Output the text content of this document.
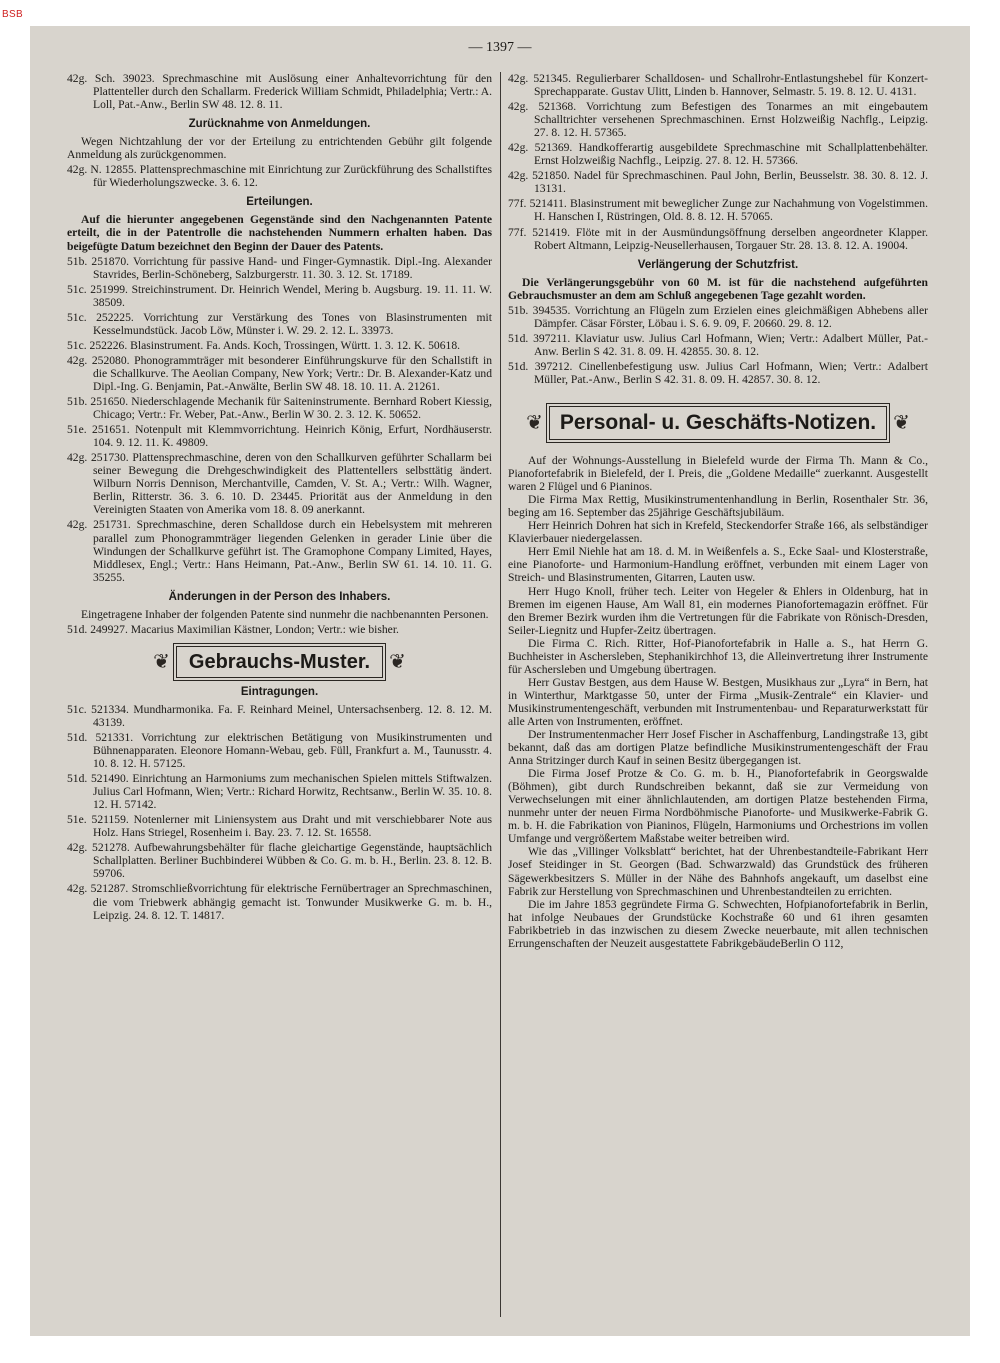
BSB
— 1397 —
42g. Sch. 39023. Sprechmaschine mit Auslösung einer Anhaltevorrichtung für den Plattenteller durch den Schallarm. Frederick William Schmidt, Philadelphia; Vertr.: A. Loll, Pat.-Anw., Berlin SW 48. 12. 8. 11.
Zurücknahme von Anmeldungen.
Wegen Nichtzahlung der vor der Erteilung zu entrichtenden Gebühr gilt folgende Anmeldung als zurückgenommen.
42g. N. 12855. Plattensprechmaschine mit Einrichtung zur Zurückführung des Schallstiftes für Wiederholungszwecke. 3. 6. 12.
Erteilungen.
Auf die hierunter angegebenen Gegenstände sind den Nachgenannten Patente erteilt, die in der Patentrolle die nachstehenden Nummern erhalten haben. Das beigefügte Datum bezeichnet den Beginn der Dauer des Patents.
51b. 251870. Vorrichtung für passive Hand- und Finger-Gymnastik. Dipl.-Ing. Alexander Stavrides, Berlin-Schöneberg, Salzburgerstr. 11. 30. 3. 12. St. 17189.
51c. 251999. Streichinstrument. Dr. Heinrich Wendel, Mering b. Augsburg. 19. 11. 11. W. 38509.
51c. 252225. Vorrichtung zur Verstärkung des Tones von Blasinstrumenten mit Kesselmundstück. Jacob Löw, Münster i. W. 29. 2. 12. L. 33973.
51c. 252226. Blasinstrument. Fa. Ands. Koch, Trossingen, Württ. 1. 3. 12. K. 50618.
42g. 252080. Phonogrammträger mit besonderer Einführungskurve für den Schallstift in die Schallkurve. The Aeolian Company, New York; Vertr.: Dr. B. Alexander-Katz und Dipl.-Ing. G. Benjamin, Pat.-Anwälte, Berlin SW 48. 18. 10. 11. A. 21261.
51b. 251650. Niederschlagende Mechanik für Saiteninstrumente. Bernhard Robert Kiessig, Chicago; Vertr.: Fr. Weber, Pat.-Anw., Berlin W 30. 2. 3. 12. K. 50652.
51e. 251651. Notenpult mit Klemmvorrichtung. Heinrich König, Erfurt, Nordhäuserstr. 104. 9. 12. 11. K. 49809.
42g. 251730. Plattensprechmaschine, deren von den Schallkurven geführter Schallarm bei seiner Bewegung die Drehgeschwindigkeit des Plattentellers selbsttätig ändert. Wilburn Norris Dennison, Merchantville, Camden, V. St. A.; Vertr.: Wilh. Wagner, Berlin, Ritterstr. 36. 3. 6. 10. D. 23445. Priorität aus der Anmeldung in den Vereinigten Staaten von Amerika vom 18. 8. 09 anerkannt.
42g. 251731. Sprechmaschine, deren Schalldose durch ein Hebelsystem mit mehreren parallel zum Phonogrammträger liegenden Gelenken in gerader Linie über die Windungen der Schallkurve geführt ist. The Gramophone Company Limited, Hayes, Middlesex, Engl.; Vertr.: Hans Heimann, Pat.-Anw., Berlin SW 61. 14. 10. 11. G. 35255.
Änderungen in der Person des Inhabers.
Eingetragene Inhaber der folgenden Patente sind nunmehr die nachbenannten Personen.
51d. 249927. Macarius Maximilian Kästner, London; Vertr.: wie bisher.
❦ Gebrauchs-Muster. ❦
Eintragungen.
51c. 521334. Mundharmonika. Fa. F. Reinhard Meinel, Untersachsenberg. 12. 8. 12. M. 43139.
51d. 521331. Vorrichtung zur elektrischen Betätigung von Musikinstrumenten und Bühnenapparaten. Eleonore Homann-Webau, geb. Füll, Frankfurt a. M., Taunusstr. 4. 10. 8. 12. H. 57125.
51d. 521490. Einrichtung an Harmoniums zum mechanischen Spielen mittels Stiftwalzen. Julius Carl Hofmann, Wien; Vertr.: Richard Horwitz, Rechtsanw., Berlin W. 35. 10. 8. 12. H. 57142.
51e. 521159. Notenlerner mit Liniensystem aus Draht und mit verschiebbarer Note aus Holz. Hans Striegel, Rosenheim i. Bay. 23. 7. 12. St. 16558.
42g. 521278. Aufbewahrungsbehälter für flache gleichartige Gegenstände, hauptsächlich Schallplatten. Berliner Buchbinderei Wübben & Co. G. m. b. H., Berlin. 23. 8. 12. B. 59706.
42g. 521287. Stromschließvorrichtung für elektrische Fernübertrager an Sprechmaschinen, die vom Triebwerk abhängig gemacht ist. Tonwunder Musikwerke G. m. b. H., Leipzig. 24. 8. 12. T. 14817.
42g. 521345. Regulierbarer Schalldosen- und Schallrohr-Entlastungshebel für Konzert-Sprechapparate. Gustav Ulitt, Linden b. Hannover, Selmastr. 5. 19. 8. 12. U. 4131.
42g. 521368. Vorrichtung zum Befestigen des Tonarmes an mit eingebautem Schalltrichter versehenen Sprechmaschinen. Ernst Holzweißig Nachflg., Leipzig. 27. 8. 12. H. 57365.
42g. 521369. Handkofferartig ausgebildete Sprechmaschine mit Schallplattenbehälter. Ernst Holzweißig Nachflg., Leipzig. 27. 8. 12. H. 57366.
42g. 521850. Nadel für Sprechmaschinen. Paul John, Berlin, Beusselstr. 38. 30. 8. 12. J. 13131.
77f. 521411. Blasinstrument mit beweglicher Zunge zur Nachahmung von Vogelstimmen. H. Hanschen I, Rüstringen, Old. 8. 8. 12. H. 57065.
77f. 521419. Flöte mit in der Ausmündungsöffnung derselben angeordneter Klapper. Robert Altmann, Leipzig-Neusellerhausen, Torgauer Str. 28. 13. 8. 12. A. 19004.
Verlängerung der Schutzfrist.
Die Verlängerungsgebühr von 60 M. ist für die nachstehend aufgeführten Gebrauchsmuster an dem am Schluß angegebenen Tage gezahlt worden.
51b. 394535. Vorrichtung an Flügeln zum Erzielen eines gleichmäßigen Abhebens aller Dämpfer. Cäsar Förster, Löbau i. S. 6. 9. 09, F. 20660. 29. 8. 12.
51d. 397211. Klaviatur usw. Julius Carl Hofmann, Wien; Vertr.: Adalbert Müller, Pat.-Anw. Berlin S 42. 31. 8. 09. H. 42855. 30. 8. 12.
51d. 397212. Cinellenbefestigung usw. Julius Carl Hofmann, Wien; Vertr.: Adalbert Müller, Pat.-Anw., Berlin S 42. 31. 8. 09. H. 42857. 30. 8. 12.
❦ Personal- u. Geschäfts-Notizen. ❦
Auf der Wohnungs-Ausstellung in Bielefeld wurde der Firma Th. Mann & Co., Pianofortefabrik in Bielefeld, der I. Preis, die „Goldene Medaille“ zuerkannt. Ausgestellt waren 2 Flügel und 6 Pianinos.
Die Firma Max Rettig, Musikinstrumentenhandlung in Berlin, Rosenthaler Str. 36, beging am 16. September das 25jährige Geschäftsjubiläum.
Herr Heinrich Dohren hat sich in Krefeld, Steckendorfer Straße 166, als selbständiger Klavierbauer niedergelassen.
Herr Emil Niehle hat am 18. d. M. in Weißenfels a. S., Ecke Saal- und Klosterstraße, eine Pianoforte- und Harmonium-Handlung eröffnet, verbunden mit einem Lager von Streich- und Blasinstrumenten, Gitarren, Lauten usw.
Herr Hugo Knoll, früher tech. Leiter von Hegeler & Ehlers in Oldenburg, hat in Bremen im eigenen Hause, Am Wall 81, ein modernes Pianofortemagazin eröffnet. Für den Bremer Bezirk wurden ihm die Vertretungen für die Fabrikate von Rönisch-Dresden, Seiler-Liegnitz und Hupfer-Zeitz übertragen.
Die Firma C. Rich. Ritter, Hof-Pianofortefabrik in Halle a. S., hat Herrn G. Buchheister in Aschersleben, Stephanikirchhof 13, die Alleinvertretung ihrer Instrumente für Aschersleben und Umgebung übertragen.
Herr Gustav Bestgen, aus dem Hause W. Bestgen, Musikhaus zur „Lyra“ in Bern, hat in Winterthur, Marktgasse 50, unter der Firma „Musik-Zentrale“ ein Klavier- und Musikinstrumentengeschäft, verbunden mit Instrumentenbau- und Reparaturwerkstatt für alle Arten von Instrumenten, eröffnet.
Der Instrumentenmacher Herr Josef Fischer in Aschaffenburg, Landingstraße 13, gibt bekannt, daß das am dortigen Platze befindliche Musikinstrumentengeschäft der Frau Anna Stritzinger durch Kauf in seinen Besitz übergegangen ist.
Die Firma Josef Protze & Co. G. m. b. H., Pianofortefabrik in Georgswalde (Böhmen), gibt durch Rundschreiben bekannt, daß sie zur Vermeidung von Verwechselungen mit einer ähnlichlautenden, am dortigen Platze bestehenden Firma, nunmehr unter der neuen Firma Nordböhmische Pianoforte- und Musikwerke-Fabrik G. m. b. H. die Fabrikation von Pianinos, Flügeln, Harmoniums und Orchestrions im vollen Umfange und vergrößertem Maßstabe weiter betreiben wird.
Wie das „Villinger Volksblatt“ berichtet, hat der Uhrenbestandteile-Fabrikant Herr Josef Steidinger in St. Georgen (Bad. Schwarzwald) das Grundstück des früheren Sägewerkbesitzers S. Müller in der Nähe des Bahnhofs angekauft, um daselbst eine Fabrik zur Herstellung von Sprechmaschinen und Uhrenbestandteilen zu errichten.
Die im Jahre 1853 gegründete Firma G. Schwechten, Hofpianofortefabrik in Berlin, hat infolge Neubaues der Grundstücke Kochstraße 60 und 61 ihren gesamten Fabrikbetrieb in das inzwischen zu diesem Zwecke neuerbaute, mit allen technischen Errungenschaften der Neuzeit ausgestattete FabrikgebäudeBerlin O 112,
